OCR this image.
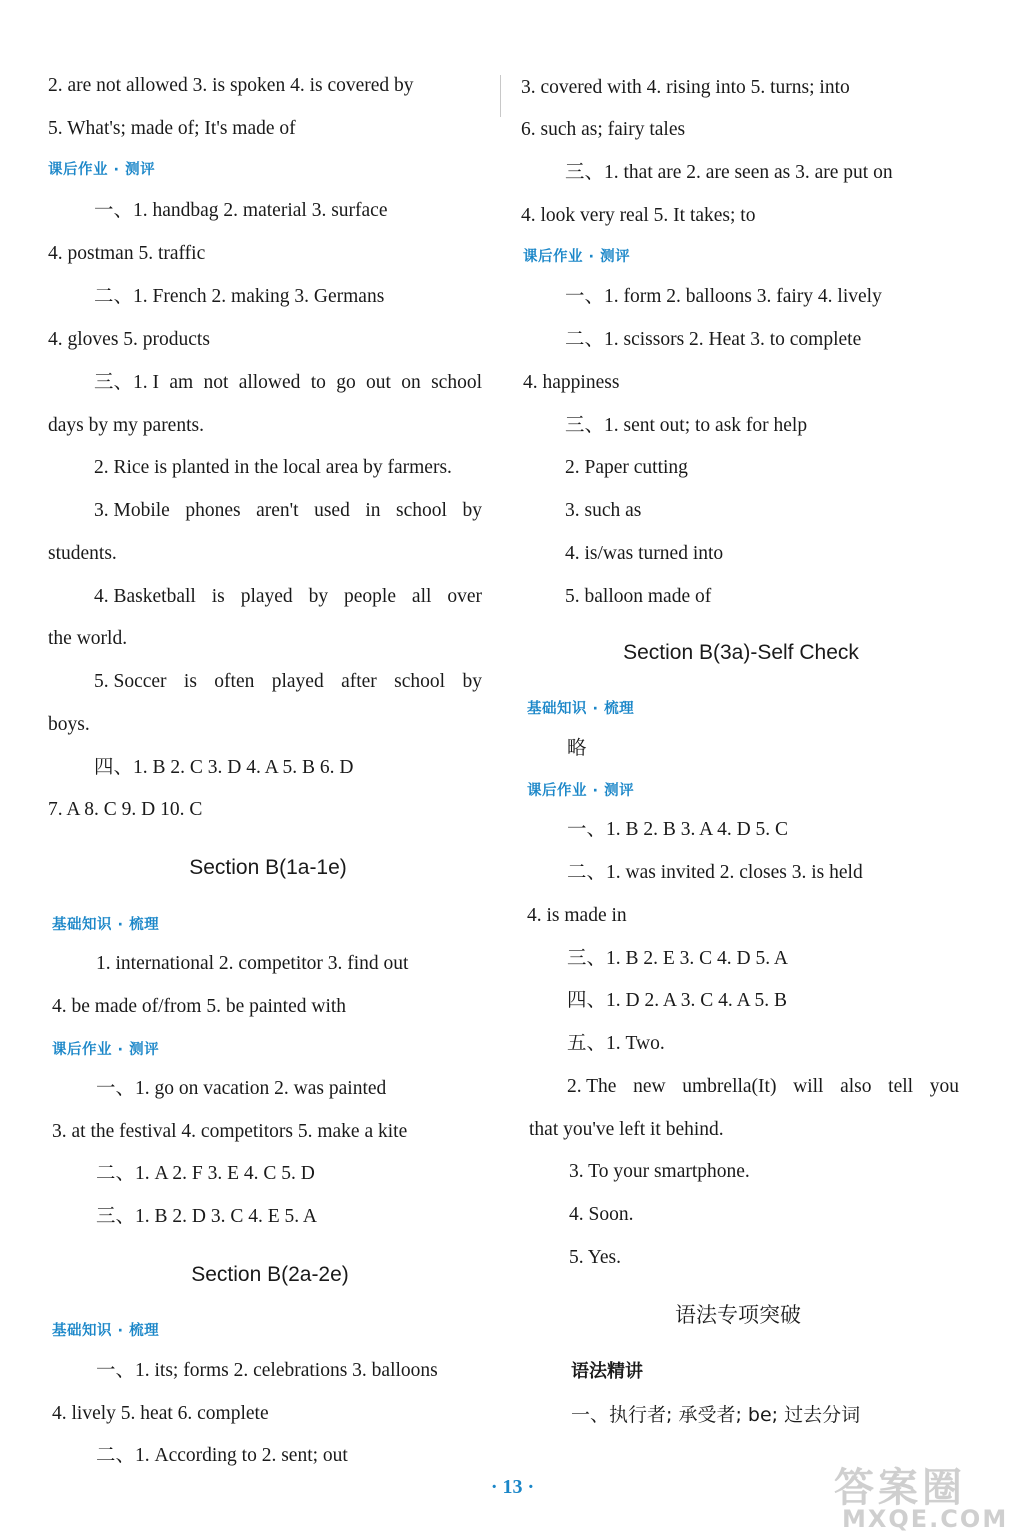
2. are not allowed 3. is spoken 4. is covered by
5. What's; made of; It's made of
课后作业 · 测评
一、1. handbag 2. material 3. surface
4. postman 5. traffic
二、1. French 2. making 3. Germans
4. gloves 5. products
三、1. I am not allowed to go out on school
days by my parents.
2. Rice is planted in the local area by farmers.
3. Mobile phones aren't used in school by
students.
4. Basketball is played by people all over
the world.
5. Soccer is often played after school by
boys.
四、1. B 2. C 3. D 4. A 5. B 6. D
7. A 8. C 9. D 10. C
Section B(1a-1e)
基础知识 · 梳理
1. international 2. competitor 3. find out
4. be made of/from 5. be painted with
课后作业 · 测评
一、1. go on vacation 2. was painted
3. at the festival 4. competitors 5. make a kite
二、1. A 2. F 3. E 4. C 5. D
三、1. B 2. D 3. C 4. E 5. A
Section B(2a-2e)
基础知识 · 梳理
一、1. its; forms 2. celebrations 3. balloons
4. lively 5. heat 6. complete
二、1. According to 2. sent; out
3. covered with 4. rising into 5. turns; into
6. such as; fairy tales
三、1. that are 2. are seen as 3. are put on
4. look very real 5. It takes; to
课后作业 · 测评
一、1. form 2. balloons 3. fairy 4. lively
二、1. scissors 2. Heat 3. to complete
4. happiness
三、1. sent out; to ask for help
2. Paper cutting
3. such as
4. is/was turned into
5. balloon made of
Section B(3a)-Self Check
基础知识 · 梳理
略
课后作业 · 测评
一、1. B 2. B 3. A 4. D 5. C
二、1. was invited 2. closes 3. is held
4. is made in
三、1. B 2. E 3. C 4. D 5. A
四、1. D 2. A 3. C 4. A 5. B
五、1. Two.
2. The new umbrella(It) will also tell you
that you've left it behind.
3. To your smartphone.
4. Soon.
5. Yes.
语法专项突破
语法精讲
一、执行者; 承受者; be; 过去分词
· 13 ·	答案圈
MXQE.COM
